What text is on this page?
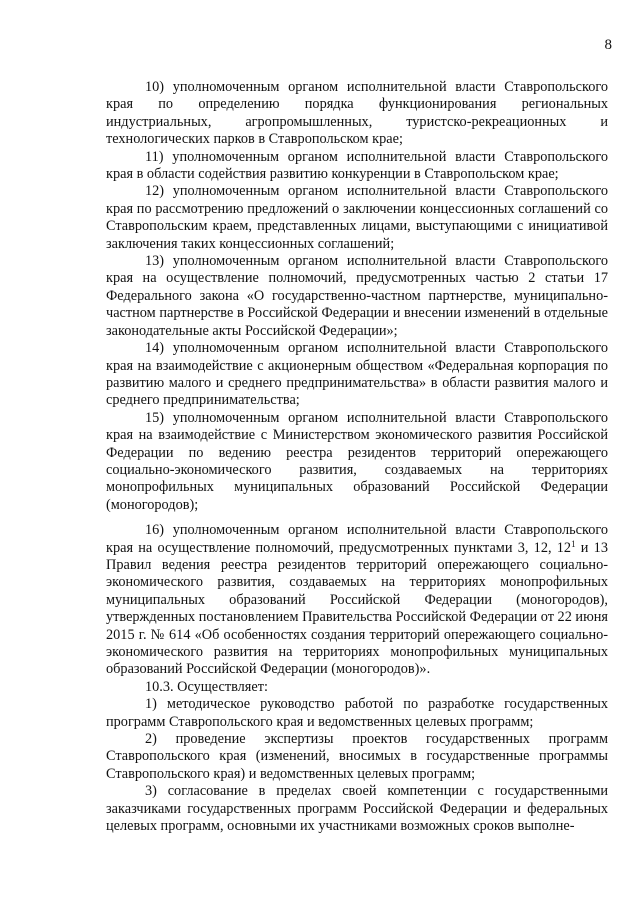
8

10) уполномоченным органом исполнительной власти Ставропольского края по определению порядка функционирования региональных индустриальных, агропромышленных, туристско-рекреационных и технологических парков в Ставропольском крае;

11) уполномоченным органом исполнительной власти Ставропольского края в области содействия развитию конкуренции в Ставропольском крае;

12) уполномоченным органом исполнительной власти Ставропольского края по рассмотрению предложений о заключении концессионных соглашений со Ставропольским краем, представленных лицами, выступающими с инициативой заключения таких концессионных соглашений;

13) уполномоченным органом исполнительной власти Ставропольского края на осуществление полномочий, предусмотренных частью 2 статьи 17 Федерального закона «О государственно-частном партнерстве, муниципально-частном партнерстве в Российской Федерации и внесении изменений в отдельные законодательные акты Российской Федерации»;

14) уполномоченным органом исполнительной власти Ставропольского края на взаимодействие с акционерным обществом «Федеральная корпорация по развитию малого и среднего предпринимательства» в области развития малого и среднего предпринимательства;

15) уполномоченным органом исполнительной власти Ставропольского края на взаимодействие с Министерством экономического развития Российской Федерации по ведению реестра резидентов территорий опережающего социально-экономического развития, создаваемых на территориях монопрофильных муниципальных образований Российской Федерации (моногородов);

16) уполномоченным органом исполнительной власти Ставропольского края на осуществление полномочий, предусмотренных пунктами 3, 12, $12^1$ и 13 Правил ведения реестра резидентов территорий опережающего социально-экономического развития, создаваемых на территориях монопрофильных муниципальных образований Российской Федерации (моногородов), утвержденных постановлением Правительства Российской Федерации от 22 июня 2015 г. № 614 «Об особенностях создания территорий опережающего социально-экономического развития на территориях монопрофильных муниципальных образований Российской Федерации (моногородов)».

10.3. Осуществляет:

1) методическое руководство работой по разработке государственных программ Ставропольского края и ведомственных целевых программ;

2) проведение экспертизы проектов государственных программ Ставропольского края (изменений, вносимых в государственные программы Ставропольского края) и ведомственных целевых программ;

3) согласование в пределах своей компетенции с государственными заказчиками государственных программ Российской Федерации и федеральных целевых программ, основными их участниками возможных сроков выполне-
